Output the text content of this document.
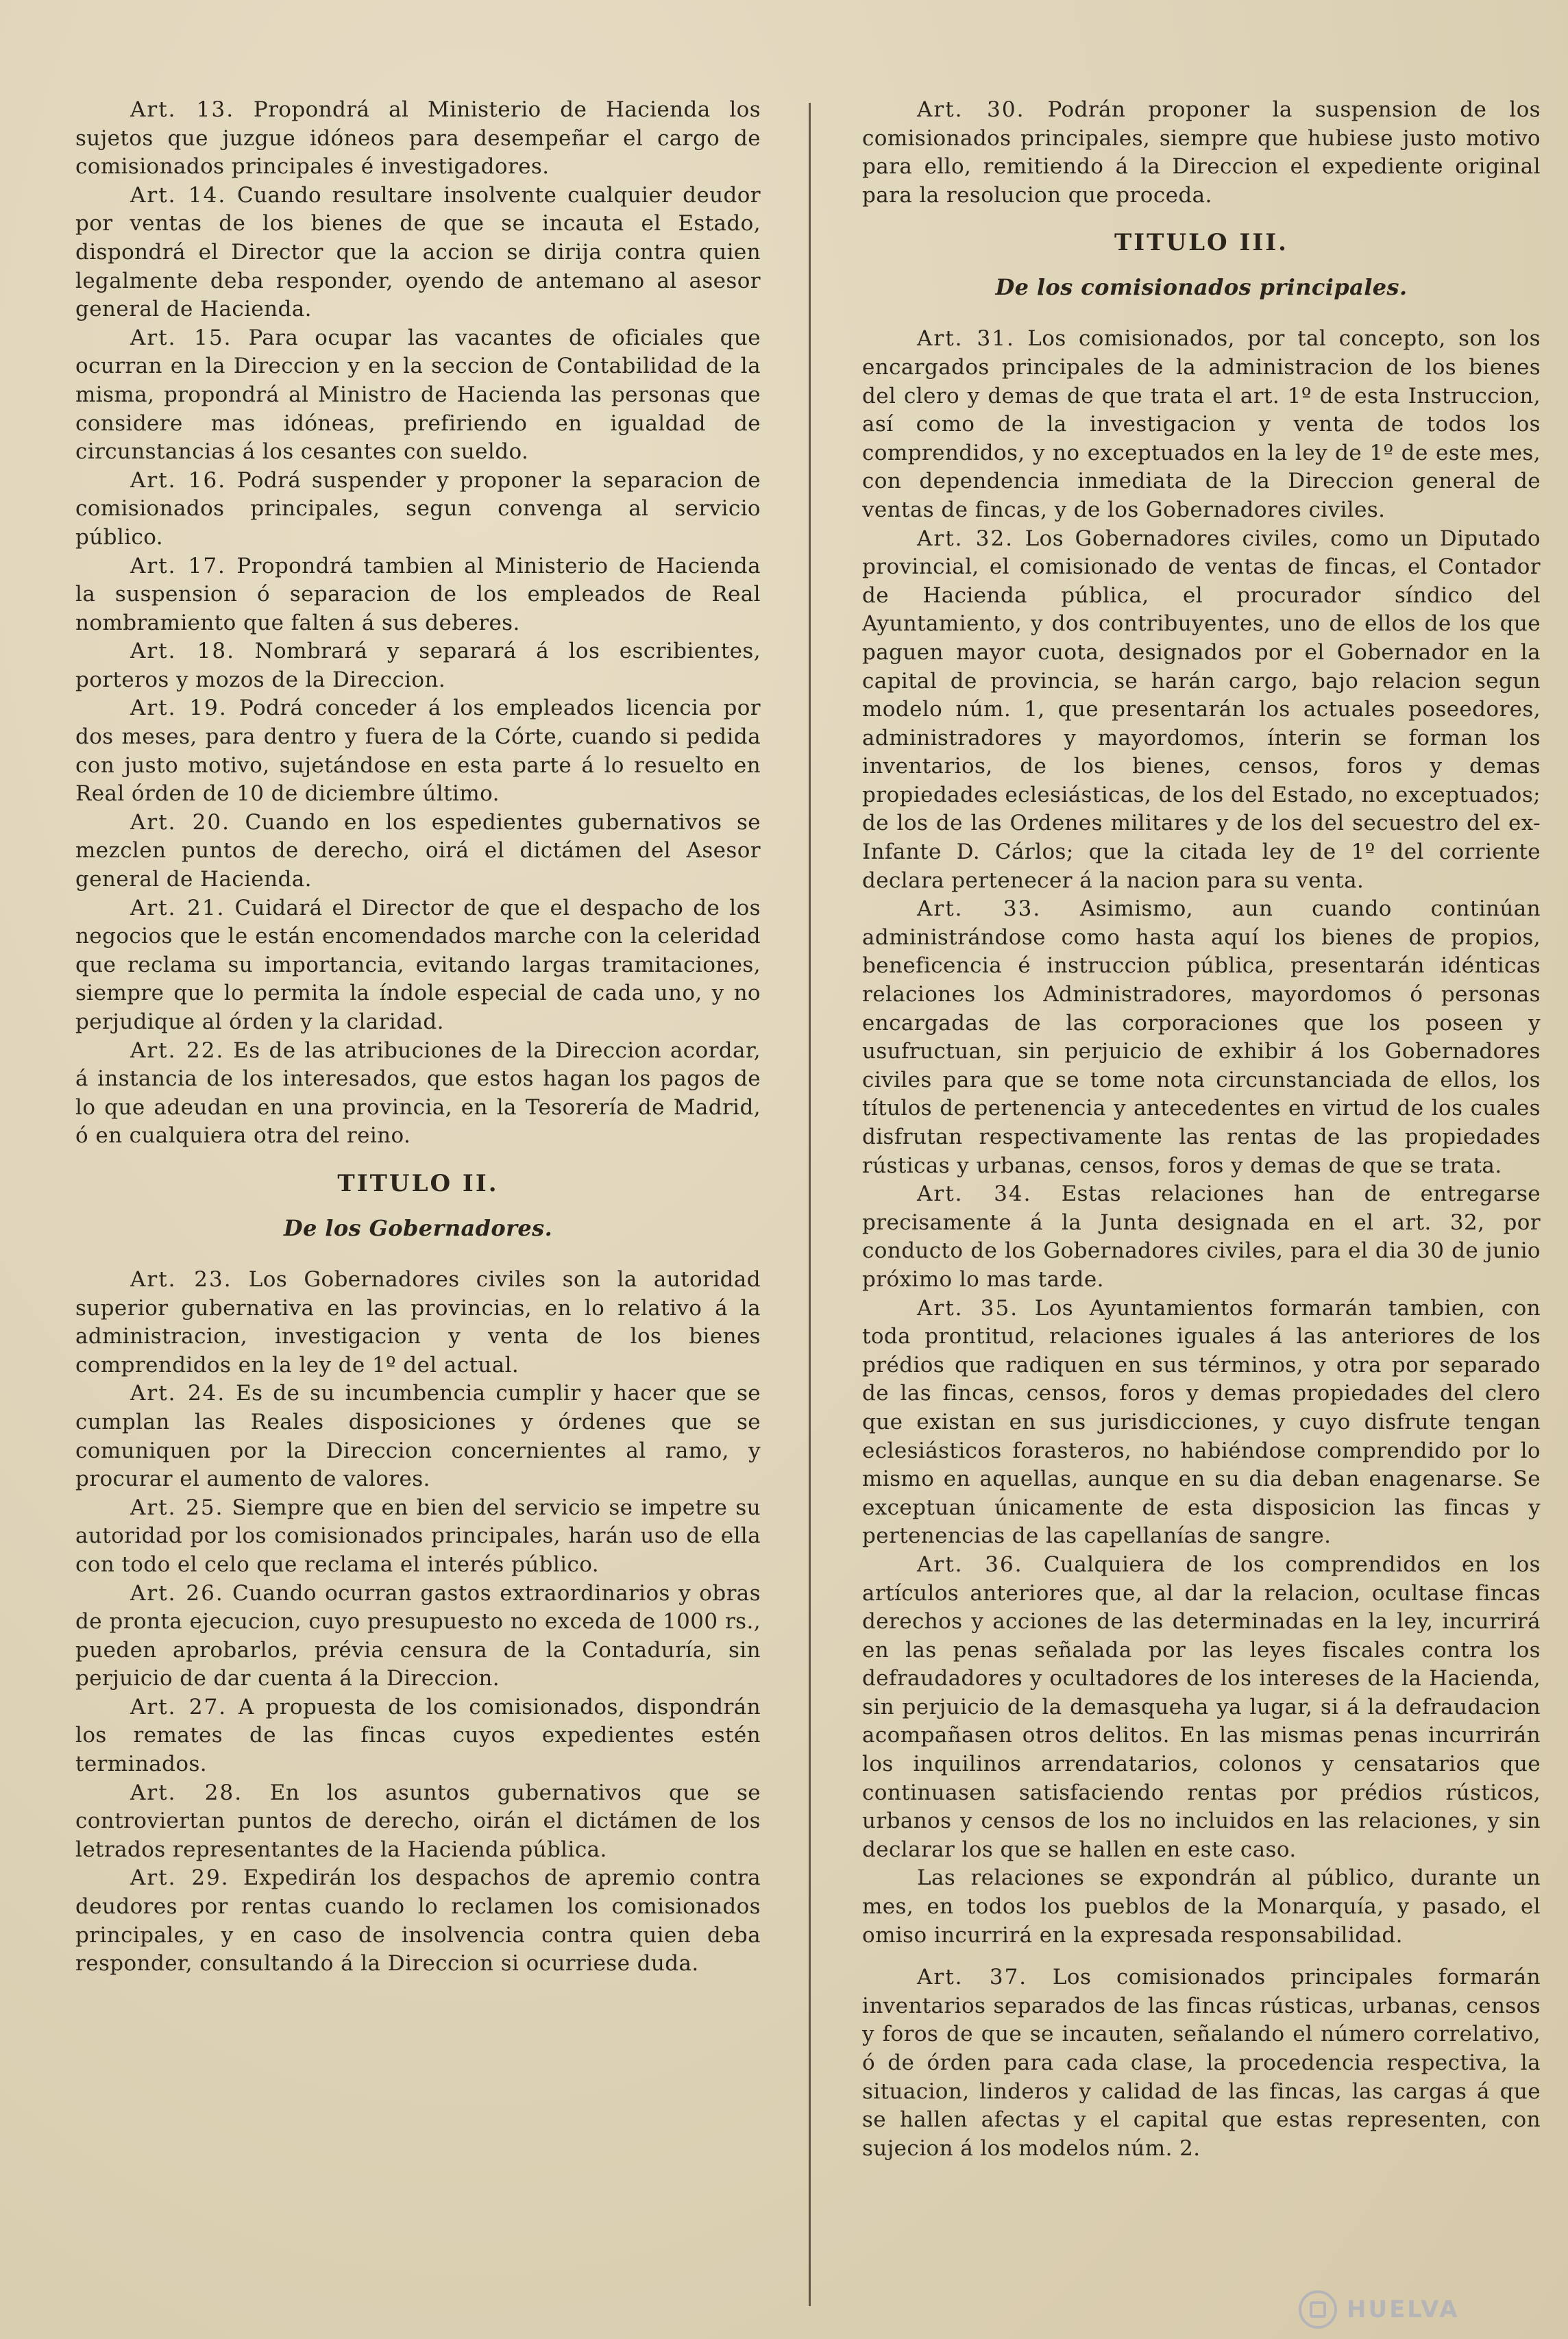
Art. 13. Propondrá al Ministerio de Hacienda los sujetos que juzgue idóneos para desempeñar el cargo de comisionados principales é investigadores.

Art. 14. Cuando resultare insolvente cualquier deudor por ventas de los bienes de que se incauta el Estado, dispondrá el Director que la accion se dirija contra quien legalmente deba responder, oyendo de antemano al asesor general de Hacienda.

Art. 15. Para ocupar las vacantes de oficiales que ocurran en la Direccion y en la seccion de Contabilidad de la misma, propondrá al Ministro de Hacienda las personas que considere mas idóneas, prefiriendo en igualdad de circunstancias á los cesantes con sueldo.

Art. 16. Podrá suspender y proponer la separacion de comisionados principales, segun convenga al servicio público.

Art. 17. Propondrá tambien al Ministerio de Hacienda la suspension ó separacion de los empleados de Real nombramiento que falten á sus deberes.

Art. 18. Nombrará y separará á los escribientes, porteros y mozos de la Direccion.

Art. 19. Podrá conceder á los empleados licencia por dos meses, para dentro y fuera de la Córte, cuando si pedida con justo motivo, sujetándose en esta parte á lo resuelto en Real órden de 10 de diciembre último.

Art. 20. Cuando en los espedientes gubernativos se mezclen puntos de derecho, oirá el dictámen del Asesor general de Hacienda.

Art. 21. Cuidará el Director de que el despacho de los negocios que le están encomendados marche con la celeridad que reclama su importancia, evitando largas tramitaciones, siempre que lo permita la índole especial de cada uno, y no perjudique al órden y la claridad.

Art. 22. Es de las atribuciones de la Direccion acordar, á instancia de los interesados, que estos hagan los pagos de lo que adeudan en una provincia, en la Tesorería de Madrid, ó en cualquiera otra del reino.

TITULO II.
De los Gobernadores.

Art. 23. Los Gobernadores civiles son la autoridad superior gubernativa en las provincias, en lo relativo á la administracion, investigacion y venta de los bienes comprendidos en la ley de 1º del actual.

Art. 24. Es de su incumbencia cumplir y hacer que se cumplan las Reales disposiciones y órdenes que se comuniquen por la Direccion concernientes al ramo, y procurar el aumento de valores.

Art. 25. Siempre que en bien del servicio se impetre su autoridad por los comisionados principales, harán uso de ella con todo el celo que reclama el interés público.

Art. 26. Cuando ocurran gastos extraordinarios y obras de pronta ejecucion, cuyo presupuesto no exceda de 1000 rs., pueden aprobarlos, prévia censura de la Contaduría, sin perjuicio de dar cuenta á la Direccion.

Art. 27. A propuesta de los comisionados, dispondrán los remates de las fincas cuyos expedientes estén terminados.

Art. 28. En los asuntos gubernativos que se controviertan puntos de derecho, oirán el dictámen de los letrados representantes de la Hacienda pública.

Art. 29. Expedirán los despachos de apremio contra deudores por rentas cuando lo reclamen los comisionados principales, y en caso de insolvencia contra quien deba responder, consultando á la Direccion si ocurriese duda.

Art. 30. Podrán proponer la suspension de los comisionados principales, siempre que hubiese justo motivo para ello, remitiendo á la Direccion el expediente original para la resolucion que proceda.

TITULO III.
De los comisionados principales.

Art. 31. Los comisionados, por tal concepto, son los encargados principales de la administracion de los bienes del clero y demas de que trata el art. 1º de esta Instruccion, así como de la investigacion y venta de todos los comprendidos, y no exceptuados en la ley de 1º de este mes, con dependencia inmediata de la Direccion general de ventas de fincas, y de los Gobernadores civiles.

Art. 32. Los Gobernadores civiles, como un Diputado provincial, el comisionado de ventas de fincas, el Contador de Hacienda pública, el procurador síndico del Ayuntamiento, y dos contribuyentes, uno de ellos de los que paguen mayor cuota, designados por el Gobernador en la capital de provincia, se harán cargo, bajo relacion segun modelo núm. 1, que presentarán los actuales poseedores, administradores y mayordomos, ínterin se forman los inventarios, de los bienes, censos, foros y demas propiedades eclesiásticas, de los del Estado, no exceptuados; de los de las Ordenes militares y de los del secuestro del ex-Infante D. Cárlos; que la citada ley de 1º del corriente declara pertenecer á la nacion para su venta.

Art. 33. Asimismo, aun cuando continúan administrándose como hasta aquí los bienes de propios, beneficencia é instruccion pública, presentarán idénticas relaciones los Administradores, mayordomos ó personas encargadas de las corporaciones que los poseen y usufructuan, sin perjuicio de exhibir á los Gobernadores civiles para que se tome nota circunstanciada de ellos, los títulos de pertenencia y antecedentes en virtud de los cuales disfrutan respectivamente las rentas de las propiedades rústicas y urbanas, censos, foros y demas de que se trata.

Art. 34. Estas relaciones han de entregarse precisamente á la Junta designada en el art. 32, por conducto de los Gobernadores civiles, para el dia 30 de junio próximo lo mas tarde.

Art. 35. Los Ayuntamientos formarán tambien, con toda prontitud, relaciones iguales á las anteriores de los prédios que radiquen en sus términos, y otra por separado de las fincas, censos, foros y demas propiedades del clero que existan en sus jurisdicciones, y cuyo disfrute tengan eclesiásticos forasteros, no habiéndose comprendido por lo mismo en aquellas, aunque en su dia deban enagenarse. Se exceptuan únicamente de esta disposicion las fincas y pertenencias de las capellanías de sangre.

Art. 36. Cualquiera de los comprendidos en los artículos anteriores que, al dar la relacion, ocultase fincas derechos y acciones de las determinadas en la ley, incurrirá en las penas señalada por las leyes fiscales contra los defraudadores y ocultadores de los intereses de la Hacienda, sin perjuicio de la demasqueha ya lugar, si á la defraudacion acompañasen otros delitos. En las mismas penas incurrirán los inquilinos arrendatarios, colonos y censatarios que continuasen satisfaciendo rentas por prédios rústicos, urbanos y censos de los no incluidos en las relaciones, y sin declarar los que se hallen en este caso.

Las relaciones se expondrán al público, durante un mes, en todos los pueblos de la Monarquía, y pasado, el omiso incurrirá en la expresada responsabilidad.

Art. 37. Los comisionados principales formarán inventarios separados de las fincas rústicas, urbanas, censos y foros de que se incauten, señalando el número correlativo, ó de órden para cada clase, la procedencia respectiva, la situacion, linderos y calidad de las fincas, las cargas á que se hallen afectas y el capital que estas representen, con sujecion á los modelos núm. 2.

HUELVA
